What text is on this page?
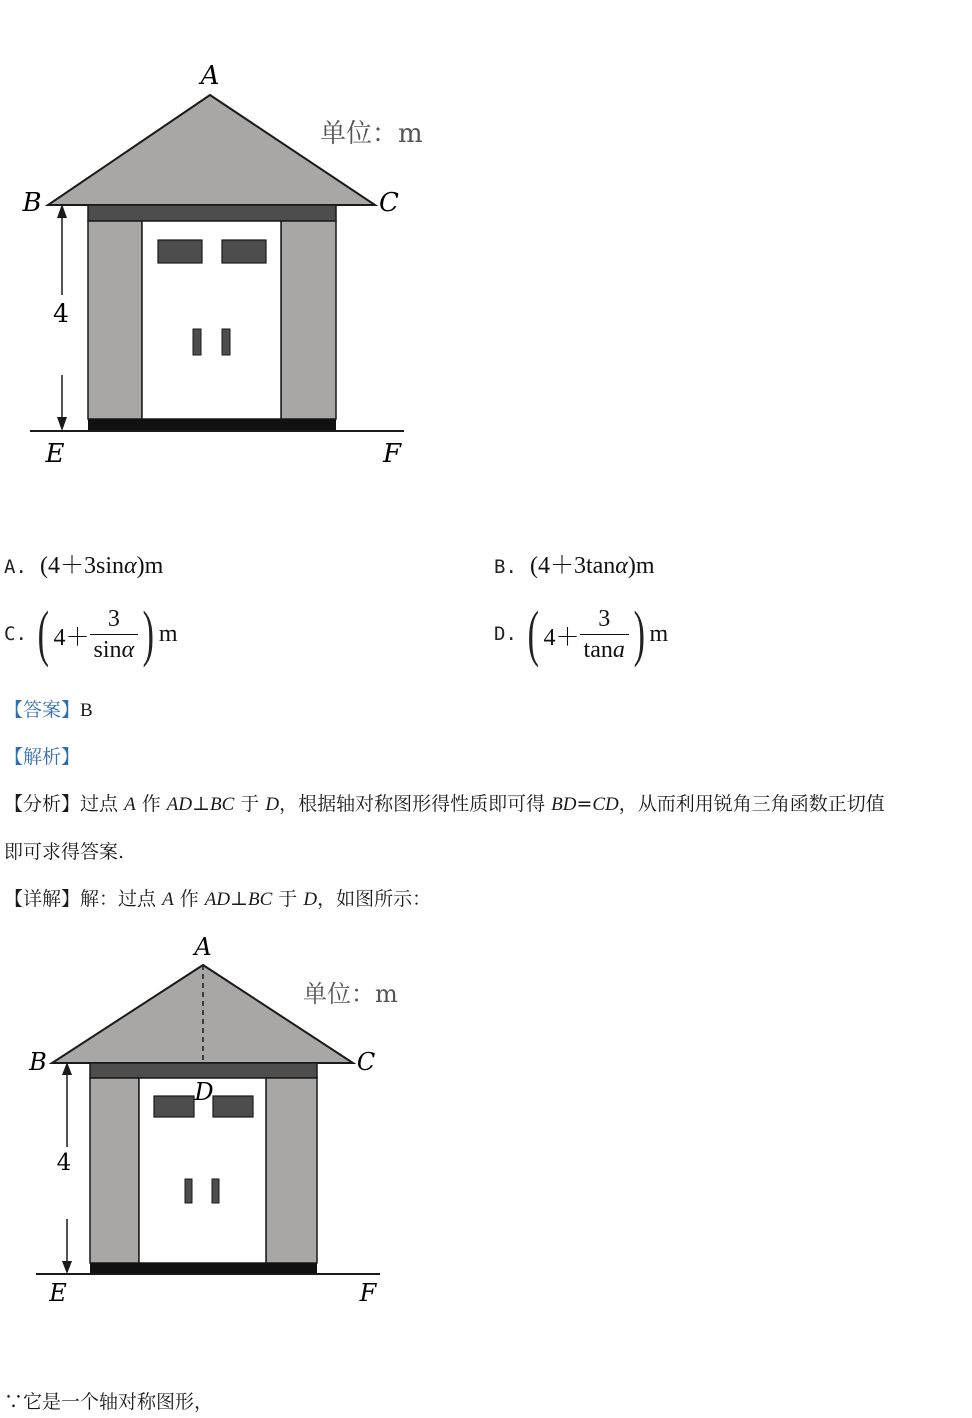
A
B	C
E	F
4
单位：m
A. (4＋3sinα)m	B. (4＋3tanα)m
C. ( $4+ \frac{3}{\sin\alpha}$ ) m	D. ( $4+ \frac{3}{\tan a}$ ) m
【答案】B
【解析】
【分析】过点 A 作 AD⊥BC 于 D，根据轴对称图形得性质即可得 BD=CD，从而利用锐角三角函数正切值
即可求得答案.
【详解】解：过点 A 作 AD⊥BC 于 D，如图所示：
A
B	C
D
E	F
4
单位：m
∵它是一个轴对称图形，
